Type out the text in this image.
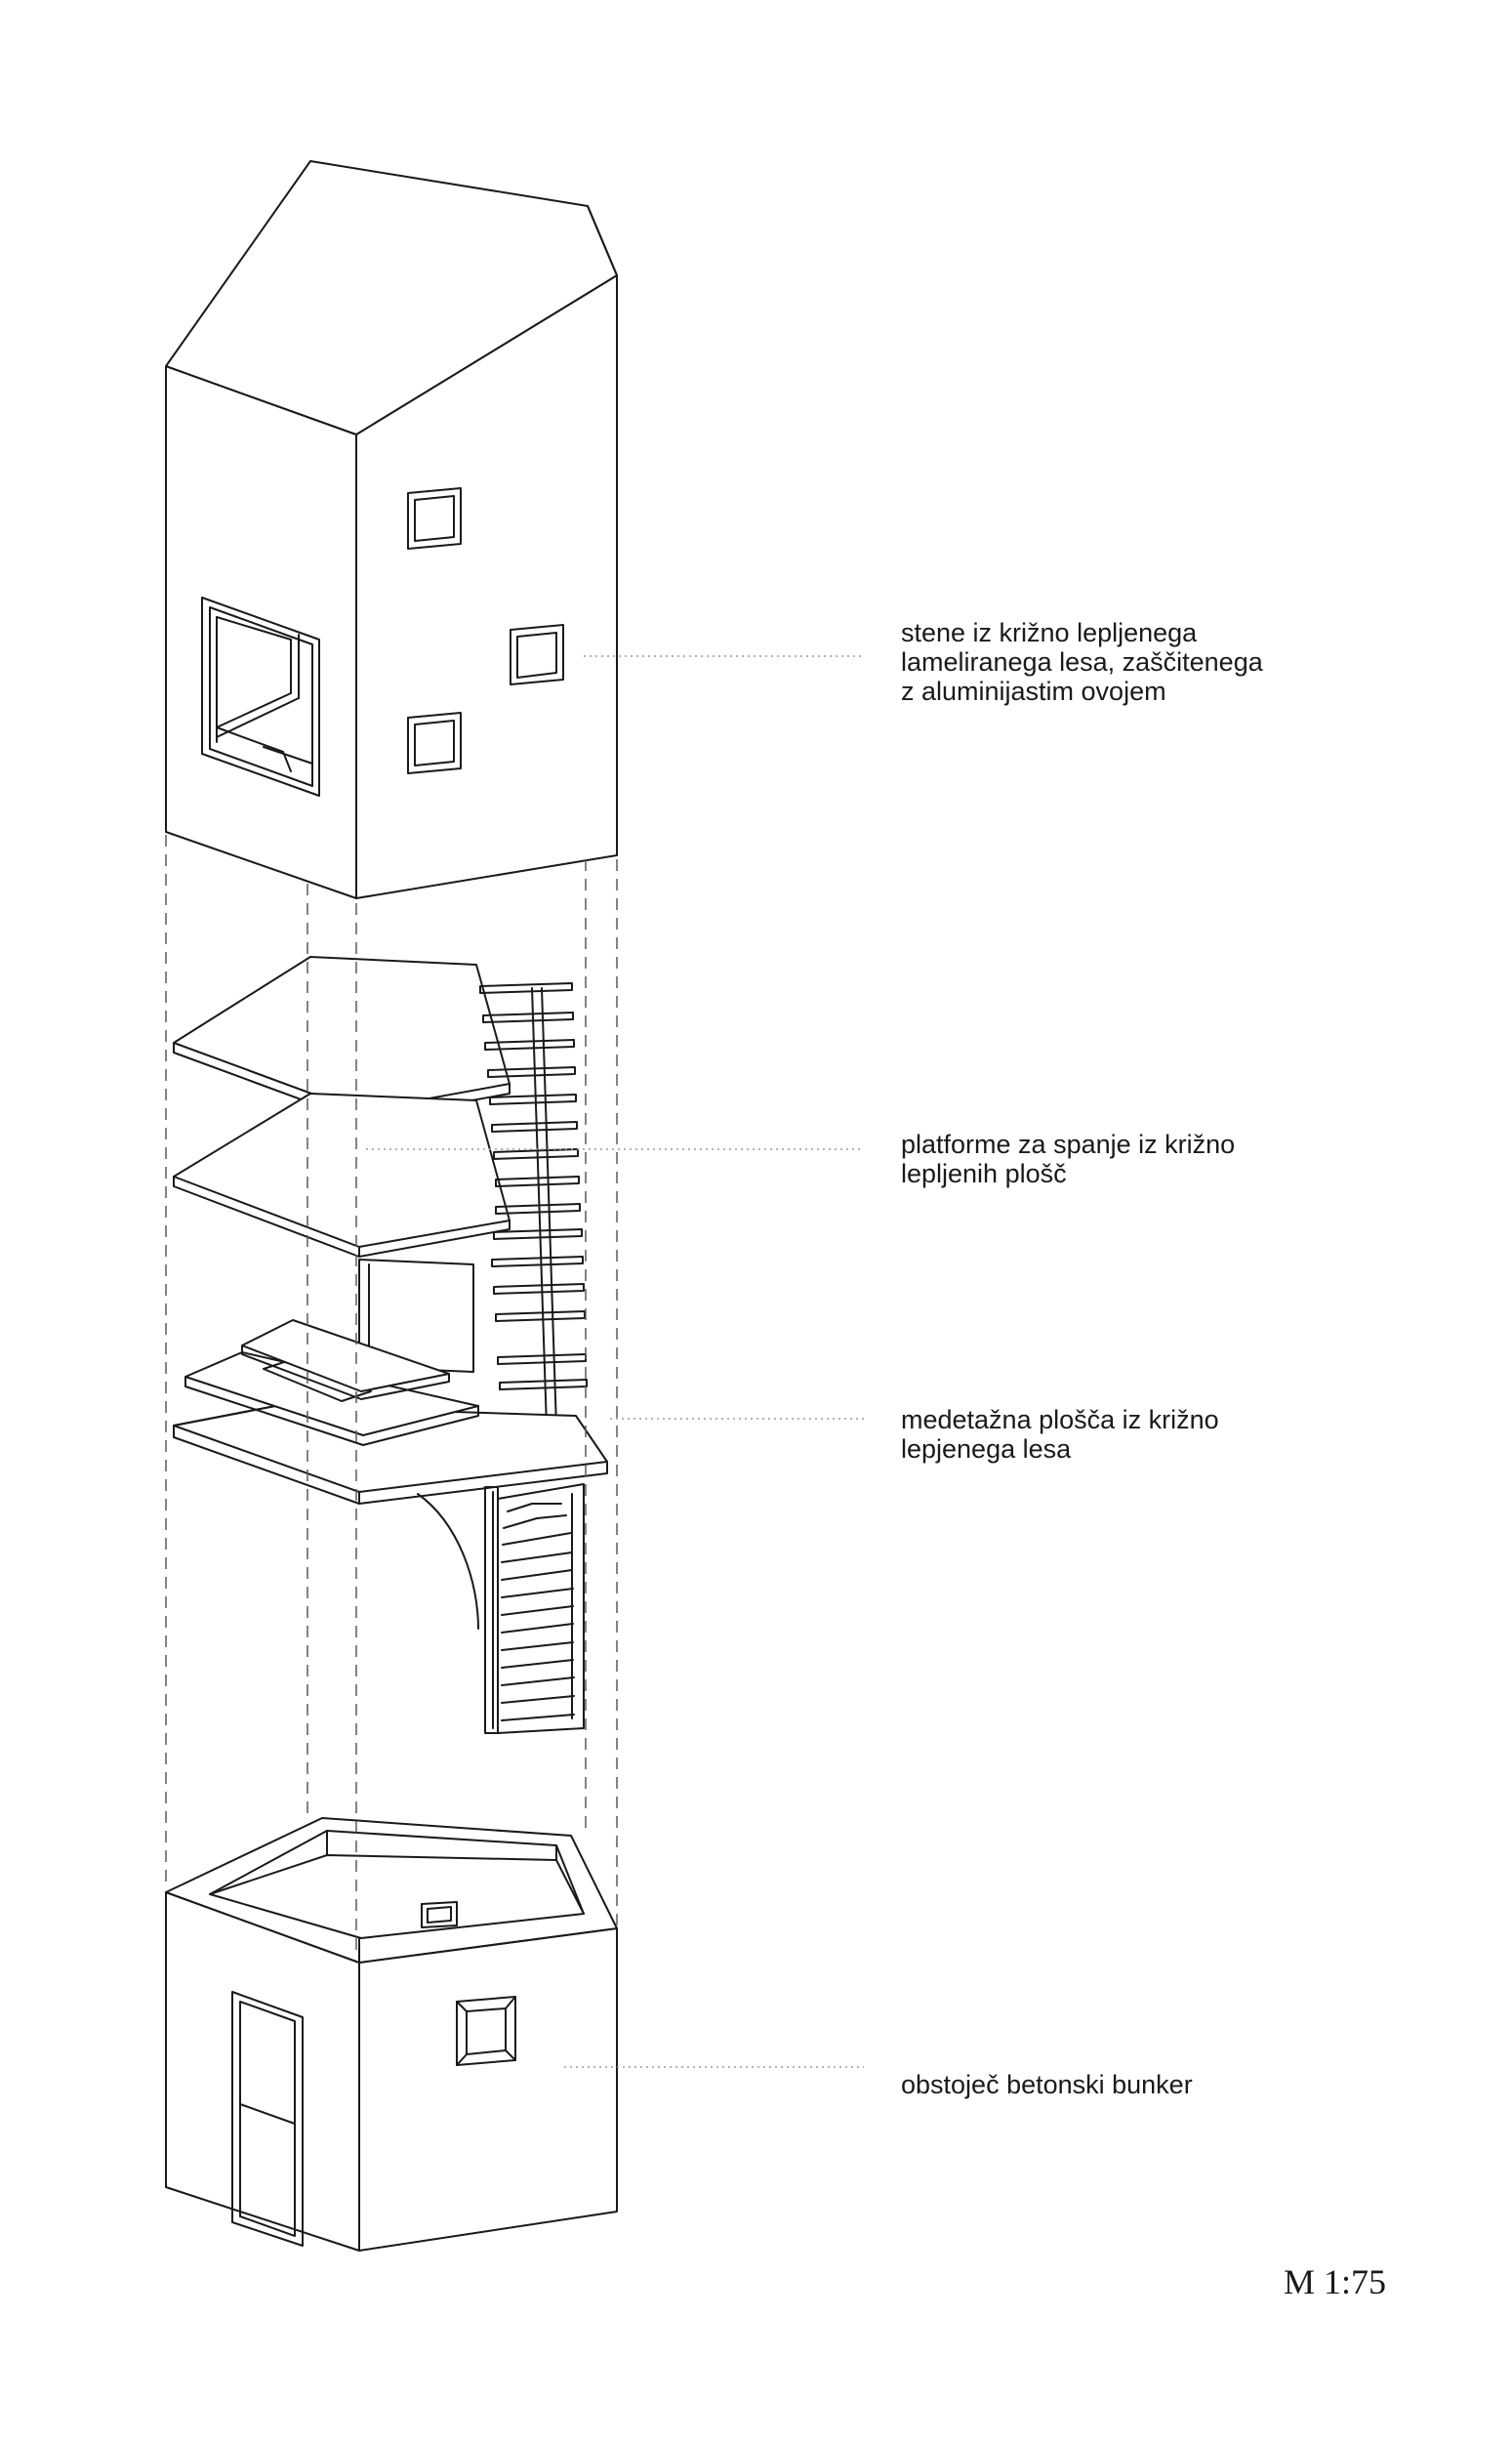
stene iz križno lepljenega
lameliranega lesa, zaščitenega
z aluminijastim ovojem
platforme za spanje iz križno
lepljenih plošč
medetažna plošča iz križno
lepjenega lesa
obstoječ betonski bunker
M 1:75
